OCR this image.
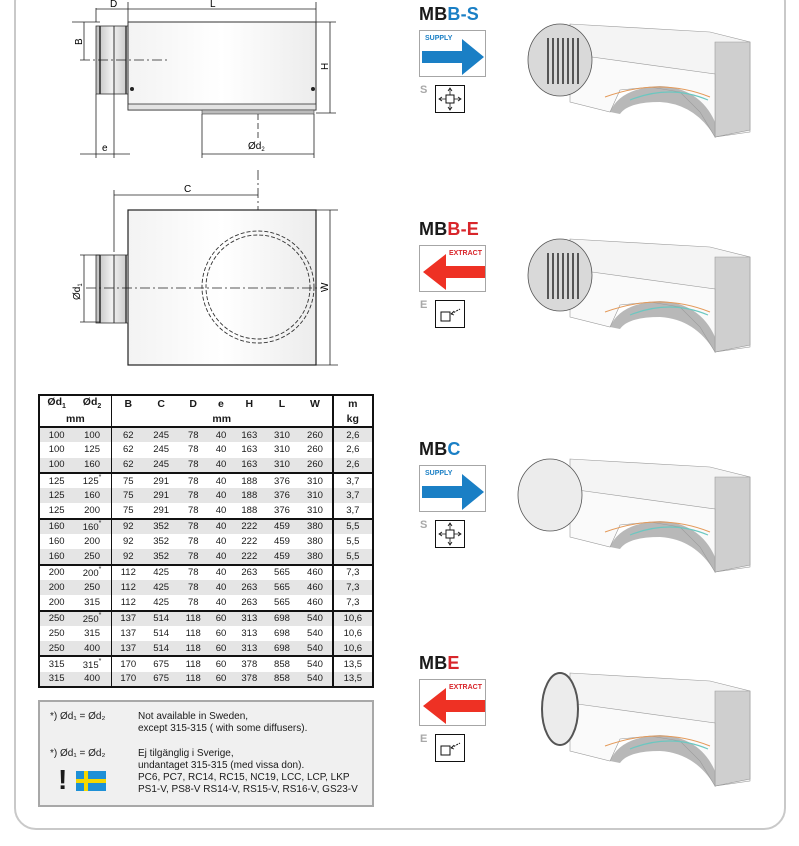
D	L
B
H
e	$Ød_2$
C
$Ød_1$	W
$Ød_1$	$Ød_2$	B	C	D	e	H	L	W	m
mm		mm							kg
100	100	62	245	78	40	163	310	260	2,6
100	125	62	245	78	40	163	310	260	2,6
100	160	62	245	78	40	163	310	260	2,6
125	125*	75	291	78	40	188	376	310	3,7
125	160	75	291	78	40	188	376	310	3,7
125	200	75	291	78	40	188	376	310	3,7
160	160*	92	352	78	40	222	459	380	5,5
160	200	92	352	78	40	222	459	380	5,5
160	250	92	352	78	40	222	459	380	5,5
200	200*	112	425	78	40	263	565	460	7,3
200	250	112	425	78	40	263	565	460	7,3
200	315	112	425	78	40	263	565	460	7,3
250	250*	137	514	118	60	313	698	540	10,6
250	315	137	514	118	60	313	698	540	10,6
250	400	137	514	118	60	313	698	540	10,6
315	315*	170	675	118	60	378	858	540	13,5
315	400	170	675	118	60	378	858	540	13,5
*) Ød₁ = Ød₂	Not available in Sweden,
except 315-315 ( with some diffusers).
*) Ød₁ = Ød₂	Ej tilgänglig i Sverige,
undantaget 315-315 (med vissa don).
PC6, PC7, RC14, RC15, NC19, LCC, LCP, LKP
PS1-V, PS8-V RS14-V, RS15-V, RS16-V, GS23-V
!
MBB-S
SUPPLY
S
MBB-E
EXTRACT
E
MBC
SUPPLY
S
MBE
EXTRACT
E
